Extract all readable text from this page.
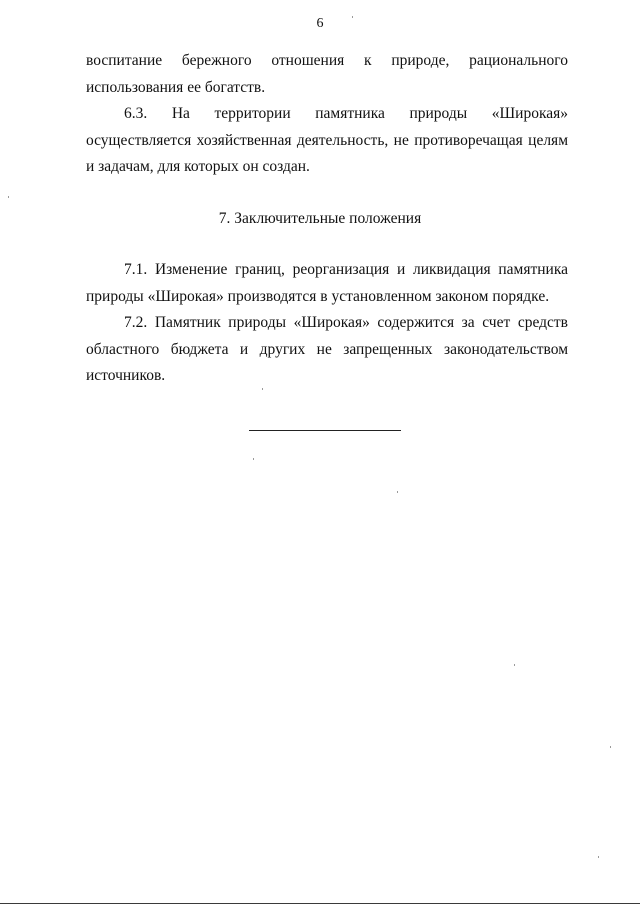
6

воспитание бережного отношения к природе, рационального

использования ее богатств.

6.3. На территории памятника природы «Широкая» осуществляется хозяйственная деятельность, не противоречащая целям и задачам, для которых он создан.

7. Заключительные положения

7.1. Изменение границ, реорганизация и ликвидация памятника природы «Широкая» производятся в установленном законом порядке.

7.2. Памятник природы «Широкая» содержится за счет средств областного бюджета и других не запрещенных законодательством источников.
